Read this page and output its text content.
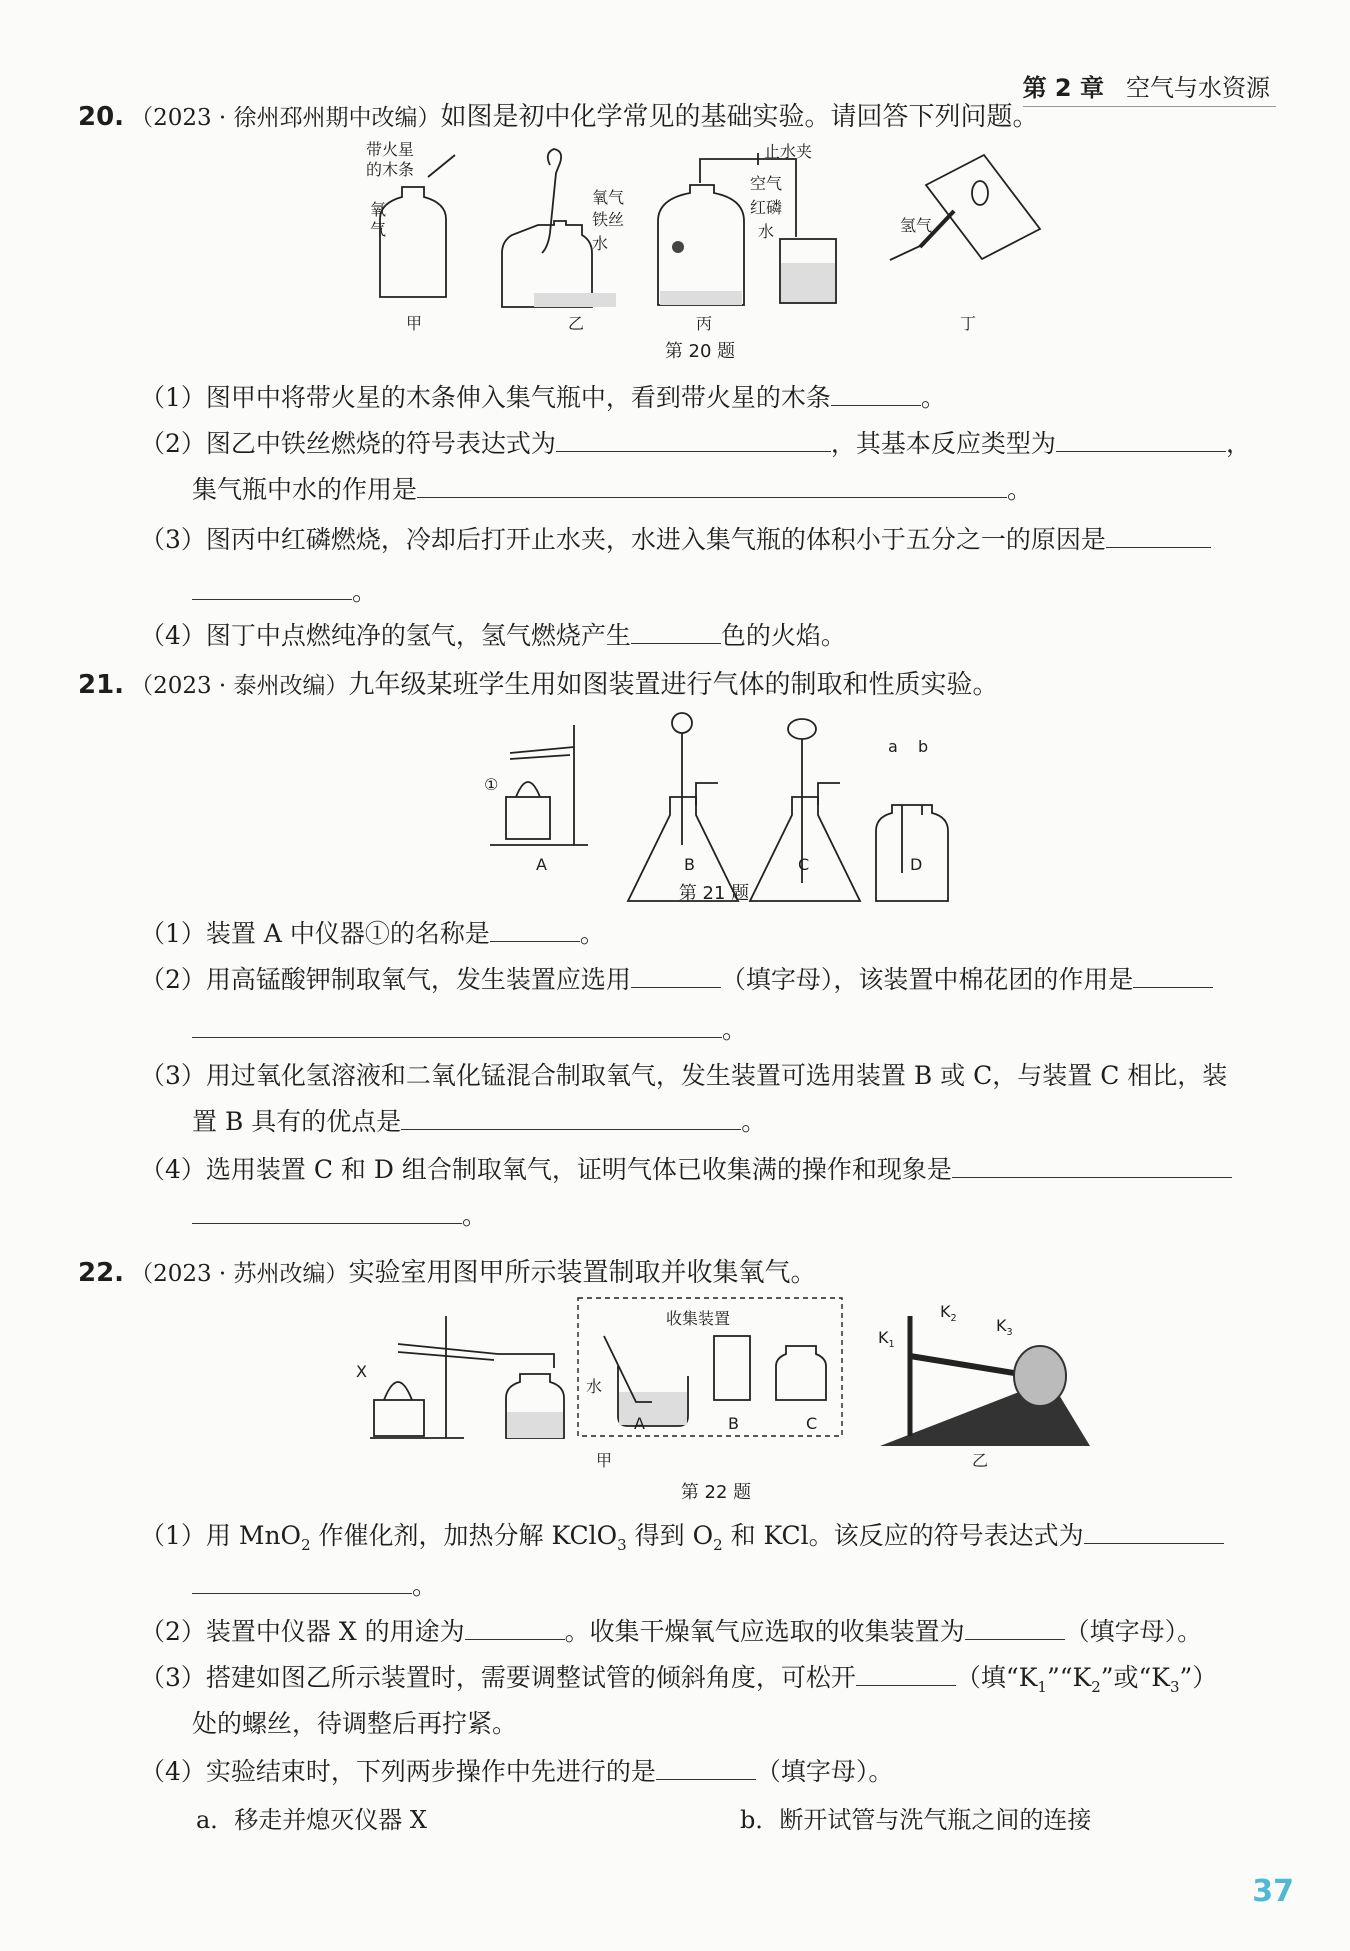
第 2 章 空气与水资源
20. （2023 · 徐州邳州期中改编）如图是初中化学常见的基础实验。请回答下列问题。
带火星
的木条
氧
气
氧气
铁丝
水
止水夹
空气
红磷
水	氢气
甲	乙	丙	丁
第 20 题
（1）图甲中将带火星的木条伸入集气瓶中，看到带火星的木条	。
（2）图乙中铁丝燃烧的符号表达式为	，其基本反应类型为	，
集气瓶中水的作用是	。
（3）图丙中红磷燃烧，冷却后打开止水夹，水进入集气瓶的体积小于五分之一的原因是
。
（4）图丁中点燃纯净的氢气，氢气燃烧产生	色的火焰。
21. （2023 · 泰州改编）九年级某班学生用如图装置进行气体的制取和性质实验。
①
a b
A	B	C	D
第 21 题
（1）装置 A 中仪器①的名称是	。
（2）用高锰酸钾制取氧气，发生装置应选用	（填字母），该装置中棉花团的作用是
。
（3）用过氧化氢溶液和二氧化锰混合制取氧气，发生装置可选用装置 B 或 C，与装置 C 相比，装
置 B 具有的优点是	。
（4）选用装置 C 和 D 组合制取氧气，证明气体已收集满的操作和现象是
。
22. （2023 · 苏州改编）实验室用图甲所示装置制取并收集氧气。
收集装置
水
X
A	B	C
$K_1$
$K_2$ $K_3$
甲	乙
第 22 题
（1）用 MnO$_2$ 作催化剂，加热分解 KClO$_3$ 得到 $O_2$ 和 KCl。该反应的符号表达式为
。
（2）装置中仪器 X 的用途为	。收集干燥氧气应选取的收集装置为	（填字母）。
（3）搭建如图乙所示装置时，需要调整试管的倾斜角度，可松开	（填“$K_1”“K_2$”或“$K_3$”）
处的螺丝，待调整后再拧紧。
（4）实验结束时，下列两步操作中先进行的是	（填字母）。
a．移走并熄灭仪器 X	b．断开试管与洗气瓶之间的连接
37
